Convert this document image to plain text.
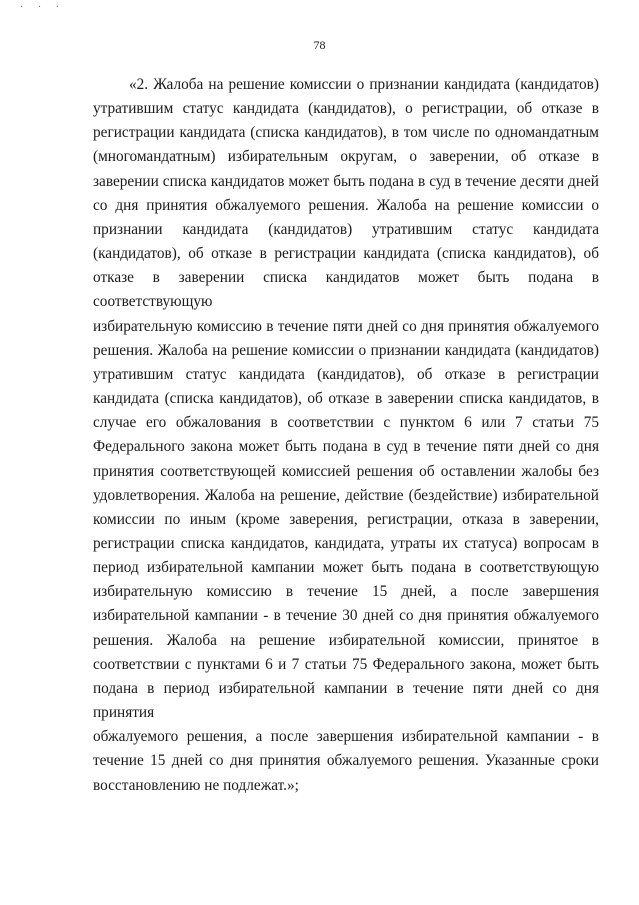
· · ·
78
«2. Жалоба на решение комиссии о признании кандидата (кандидатов)
утратившим статус кандидата (кандидатов), о регистрации, об отказе в
регистрации кандидата (списка кандидатов), в том числе по одномандатным
(многомандатным) избирательным округам, о заверении, об отказе в
заверении списка кандидатов может быть подана в суд в течение десяти дней
со дня принятия обжалуемого решения. Жалоба на решение комиссии о
признании кандидата (кандидатов) утратившим статус кандидата
(кандидатов), об отказе в регистрации кандидата (списка кандидатов), об
отказе в заверении списка кандидатов может быть подана в соответствующую
избирательную комиссию в течение пяти дней со дня принятия обжалуемого
решения. Жалоба на решение комиссии о признании кандидата (кандидатов)
утратившим статус кандидата (кандидатов), об отказе в регистрации
кандидата (списка кандидатов), об отказе в заверении списка кандидатов, в
случае его обжалования в соответствии с пунктом 6 или 7 статьи 75
Федерального закона может быть подана в суд в течение пяти дней со дня
принятия соответствующей комиссией решения об оставлении жалобы без
удовлетворения. Жалоба на решение, действие (бездействие) избирательной
комиссии по иным (кроме заверения, регистрации, отказа в заверении,
регистрации списка кандидатов, кандидата, утраты их статуса) вопросам в
период избирательной кампании может быть подана в соответствующую
избирательную комиссию в течение 15 дней, а после завершения
избирательной кампании - в течение 30 дней со дня принятия обжалуемого
решения. Жалоба на решение избирательной комиссии, принятое в
соответствии с пунктами 6 и 7 статьи 75 Федерального закона, может быть
подана в период избирательной кампании в течение пяти дней со дня принятия
обжалуемого решения, а после завершения избирательной кампании - в
течение 15 дней со дня принятия обжалуемого решения. Указанные сроки
восстановлению не подлежат.»;
